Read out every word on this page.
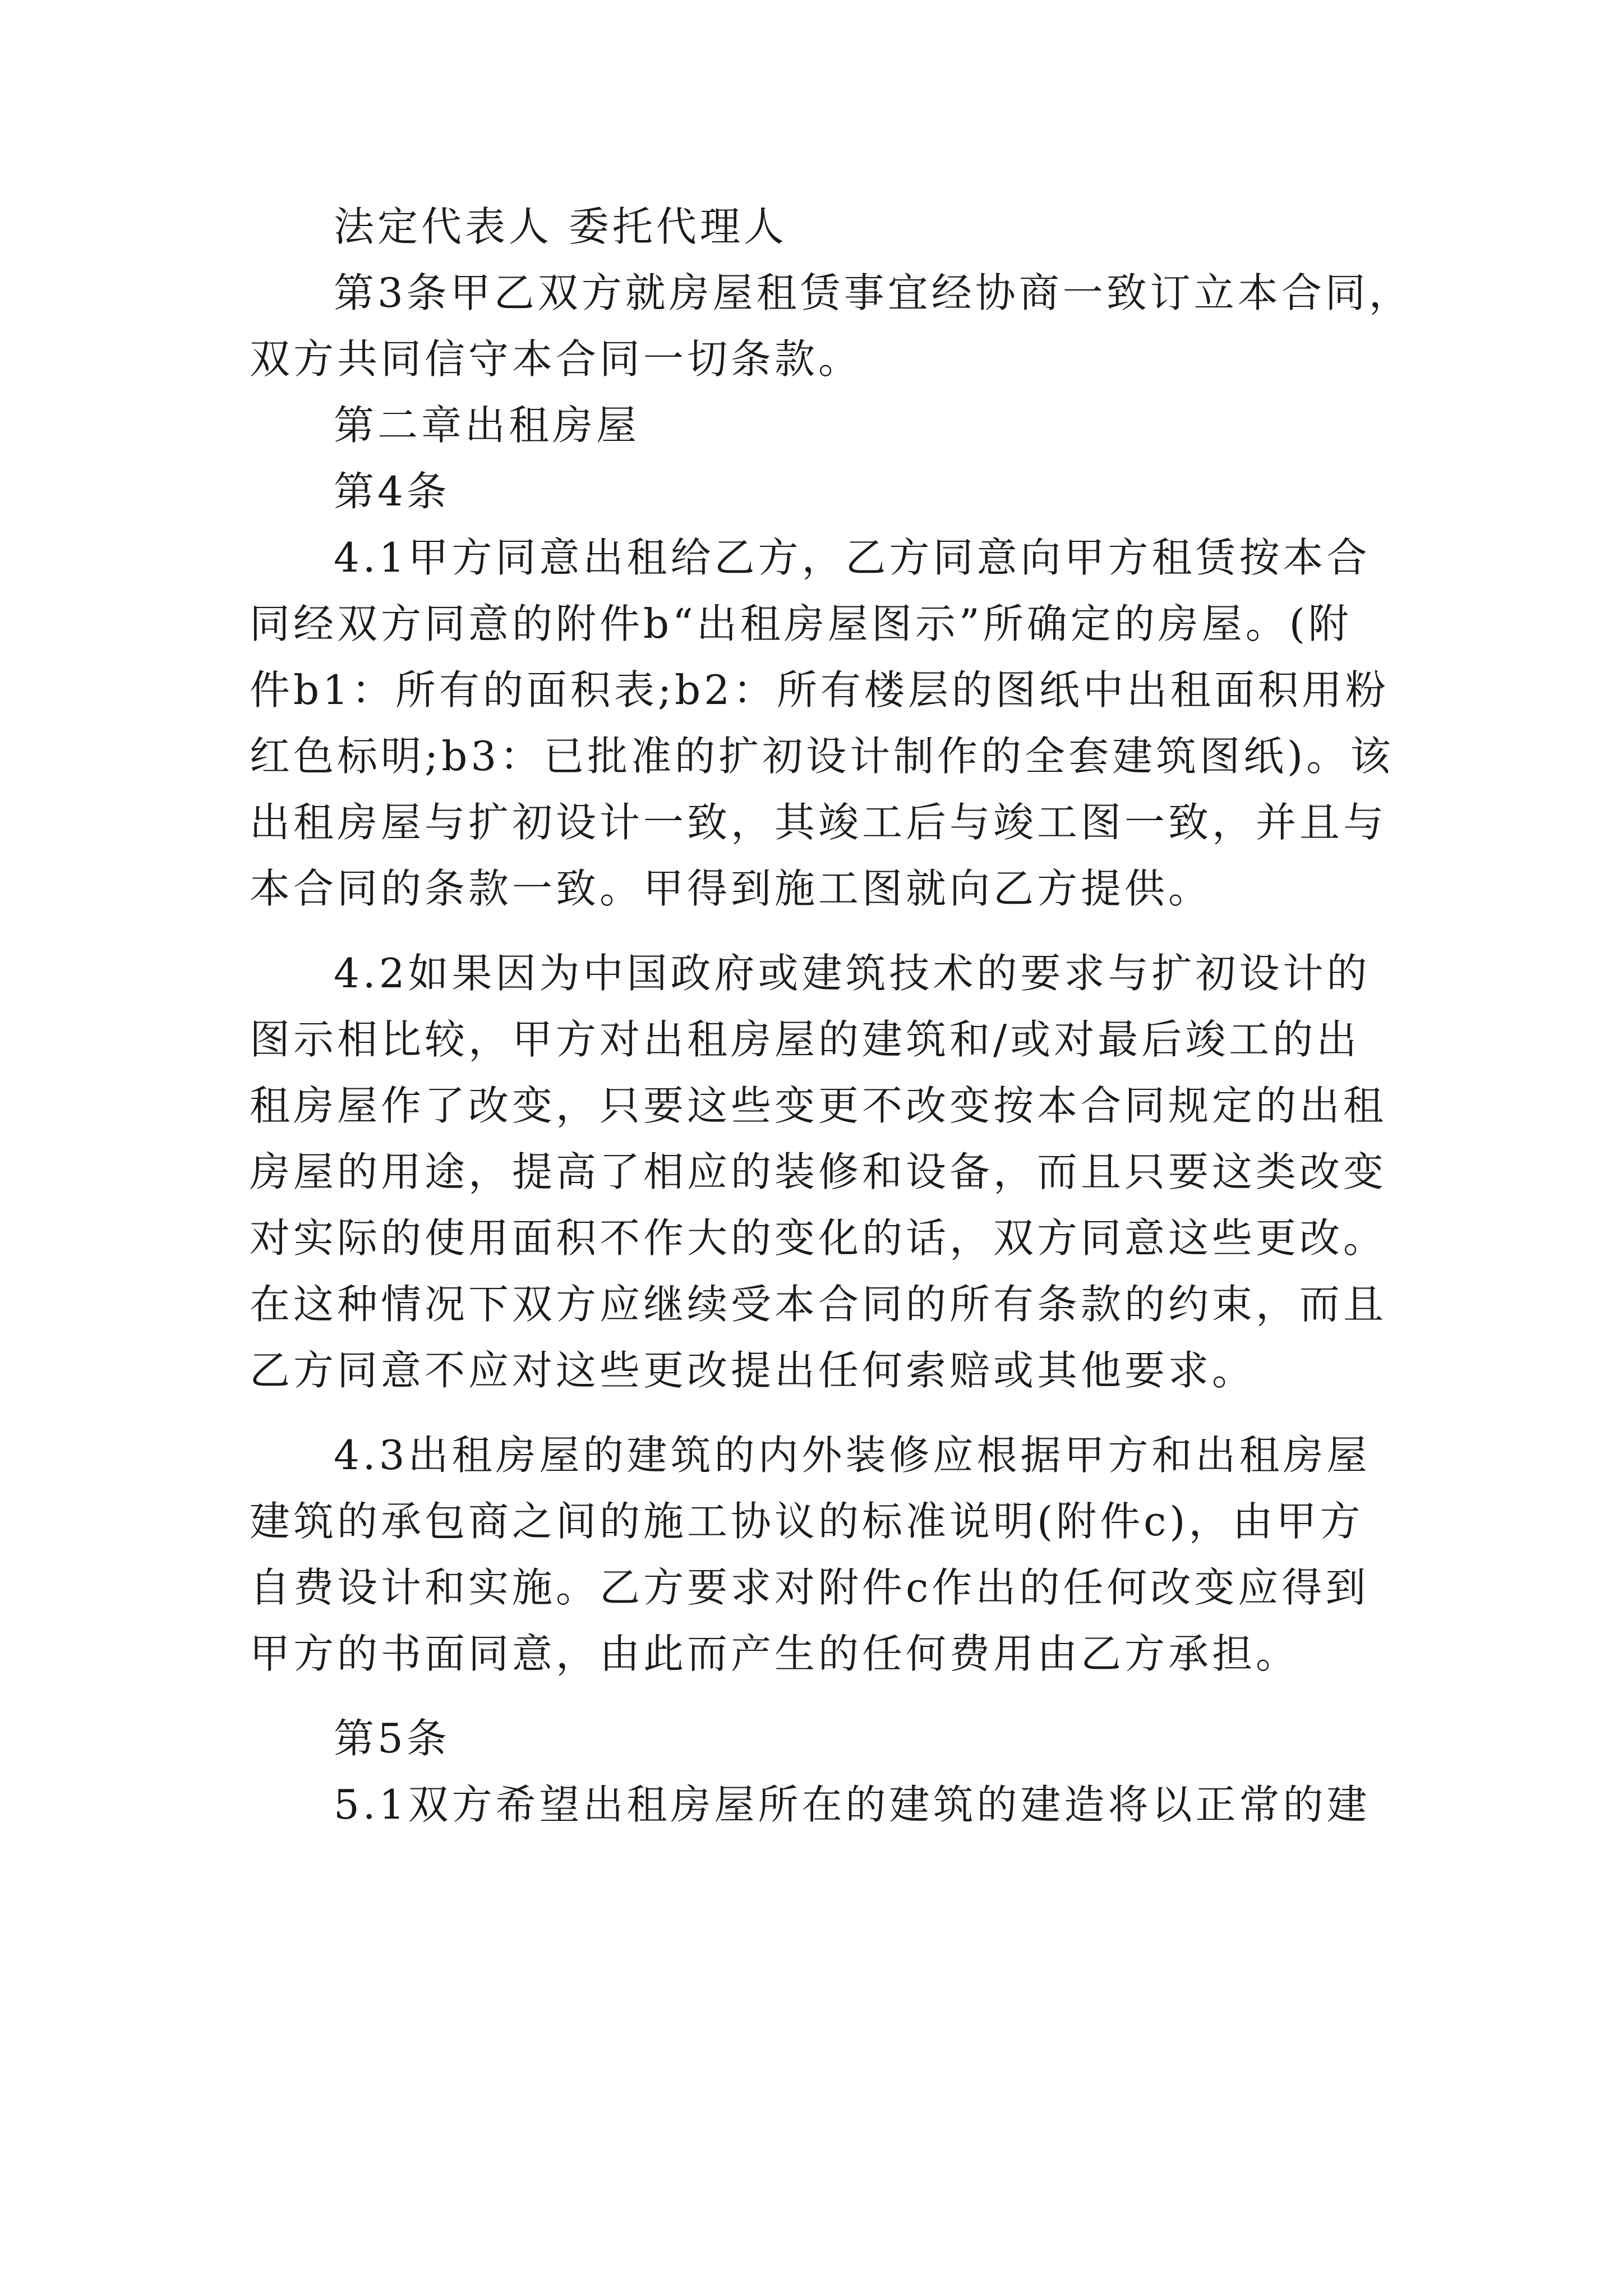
法定代表人 委托代理人

第3条甲乙双方就房屋租赁事宜经协商一致订立本合同，

双方共同信守本合同一切条款。

第二章出租房屋

第4条

4.1甲方同意出租给乙方，乙方同意向甲方租赁按本合

同经双方同意的附件b“出租房屋图示”所确定的房屋。(附

件b1：所有的面积表;b2：所有楼层的图纸中出租面积用粉

红色标明;b3：已批准的扩初设计制作的全套建筑图纸)。该

出租房屋与扩初设计一致，其竣工后与竣工图一致，并且与

本合同的条款一致。甲得到施工图就向乙方提供。

4.2如果因为中国政府或建筑技术的要求与扩初设计的

图示相比较，甲方对出租房屋的建筑和/或对最后竣工的出

租房屋作了改变，只要这些变更不改变按本合同规定的出租

房屋的用途，提高了相应的装修和设备，而且只要这类改变

对实际的使用面积不作大的变化的话，双方同意这些更改。

在这种情况下双方应继续受本合同的所有条款的约束，而且

乙方同意不应对这些更改提出任何索赔或其他要求。

4.3出租房屋的建筑的内外装修应根据甲方和出租房屋

建筑的承包商之间的施工协议的标准说明(附件c)，由甲方

自费设计和实施。乙方要求对附件c作出的任何改变应得到

甲方的书面同意，由此而产生的任何费用由乙方承担。

第5条

5.1双方希望出租房屋所在的建筑的建造将以正常的建
